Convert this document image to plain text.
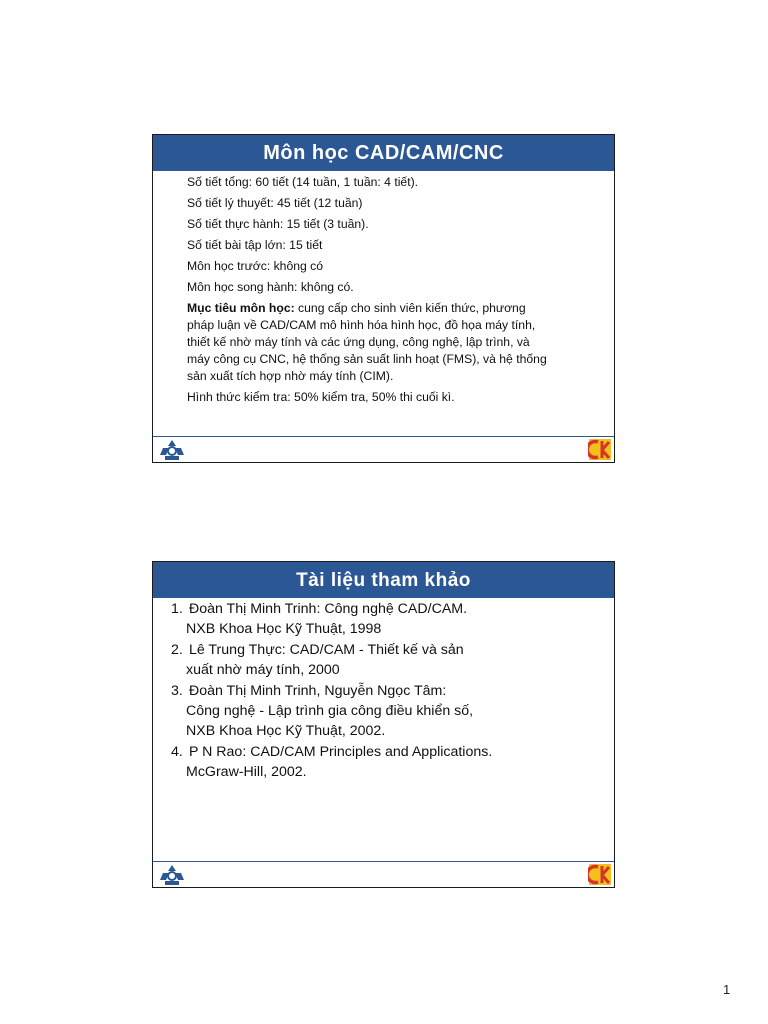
Môn học CAD/CAM/CNC

Số tiết tổng: 60 tiết (14 tuần, 1 tuần: 4 tiết).

Số tiết lý thuyết: 45 tiết (12 tuần)

Số tiết thực hành: 15 tiết (3 tuần).

Số tiết bài tập lớn: 15 tiết

Môn học trước: không có

Môn học song hành: không có.

Mục tiêu môn học: cung cấp cho sinh viên kiến thức, phương
pháp luận về CAD/CAM mô hình hóa hình học, đồ họa máy tính,
thiết kế nhờ máy tính và các ứng dụng, công nghệ, lập trình, và
máy công cụ CNC, hệ thống sản suất linh hoạt (FMS), và hệ thống
sản xuất tích hợp nhờ máy tính (CIM).

Hình thức kiểm tra: 50% kiểm tra, 50% thi cuối kì.

Tài liệu tham khảo
1. Đoàn Thị Minh Trinh: Công nghệ CAD/CAM.
NXB Khoa Học Kỹ Thuật, 1998
2. Lê Trung Thực: CAD/CAM - Thiết kế và sản
xuất nhờ máy tính, 2000
3. Đoàn Thị Minh Trinh, Nguyễn Ngọc Tâm:
Công nghệ - Lập trình gia công điều khiển số,
NXB Khoa Học Kỹ Thuật, 2002.
4. P N Rao: CAD/CAM Principles and Applications.
McGraw-Hill, 2002.
1
